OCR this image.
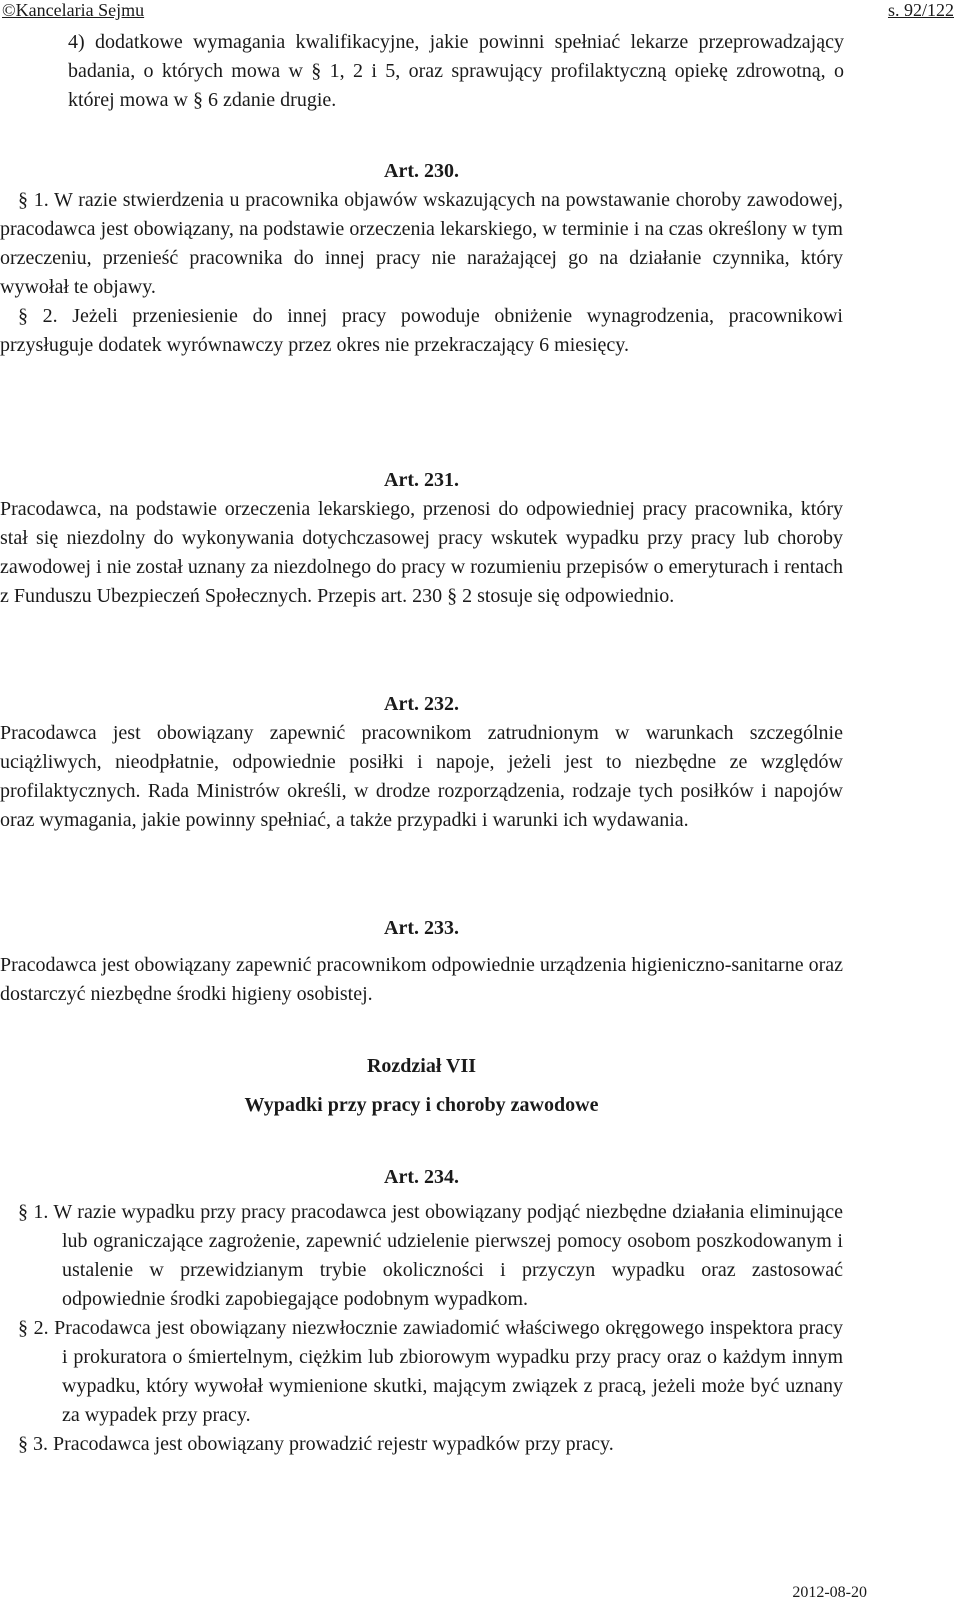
©Kancelaria Sejmu	s. 92/122

4) dodatkowe wymagania kwalifikacyjne, jakie powinni spełniać lekarze przeprowadzający badania, o których mowa w § 1, 2 i 5, oraz sprawujący profilaktyczną opiekę zdrowotną, o której mowa w § 6 zdanie drugie.

Art. 230.

§ 1. W razie stwierdzenia u pracownika objawów wskazujących na powstawanie choroby zawodowej, pracodawca jest obowiązany, na podstawie orzeczenia lekarskiego, w terminie i na czas określony w tym orzeczeniu, przenieść pracownika do innej pracy nie narażającej go na działanie czynnika, który wywołał te objawy.

§ 2. Jeżeli przeniesienie do innej pracy powoduje obniżenie wynagrodzenia, pracownikowi przysługuje dodatek wyrównawczy przez okres nie przekraczający 6 miesięcy.

Art. 231.

Pracodawca, na podstawie orzeczenia lekarskiego, przenosi do odpowiedniej pracy pracownika, który stał się niezdolny do wykonywania dotychczasowej pracy wskutek wypadku przy pracy lub choroby zawodowej i nie został uznany za niezdolnego do pracy w rozumieniu przepisów o emeryturach i rentach z Funduszu Ubezpieczeń Społecznych. Przepis art. 230 § 2 stosuje się odpowiednio.

Art. 232.

Pracodawca jest obowiązany zapewnić pracownikom zatrudnionym w warunkach szczególnie uciążliwych, nieodpłatnie, odpowiednie posiłki i napoje, jeżeli jest to niezbędne ze względów profilaktycznych. Rada Ministrów określi, w drodze rozporządzenia, rodzaje tych posiłków i napojów oraz wymagania, jakie powinny spełniać, a także przypadki i warunki ich wydawania.

Art. 233.

Pracodawca jest obowiązany zapewnić pracownikom odpowiednie urządzenia higieniczno-sanitarne oraz dostarczyć niezbędne środki higieny osobistej.

Rozdział VII
Wypadki przy pracy i choroby zawodowe
Art. 234.

§ 1. W razie wypadku przy pracy pracodawca jest obowiązany podjąć niezbędne działania eliminujące lub ograniczające zagrożenie, zapewnić udzielenie pierwszej pomocy osobom poszkodowanym i ustalenie w przewidzianym trybie okoliczności i przyczyn wypadku oraz zastosować odpowiednie środki zapobiegające podobnym wypadkom.

§ 2. Pracodawca jest obowiązany niezwłocznie zawiadomić właściwego okręgowego inspektora pracy i prokuratora o śmiertelnym, ciężkim lub zbiorowym wypadku przy pracy oraz o każdym innym wypadku, który wywołał wymienione skutki, mającym związek z pracą, jeżeli może być uznany za wypadek przy pracy.

§ 3. Pracodawca jest obowiązany prowadzić rejestr wypadków przy pracy.

2012-08-20
